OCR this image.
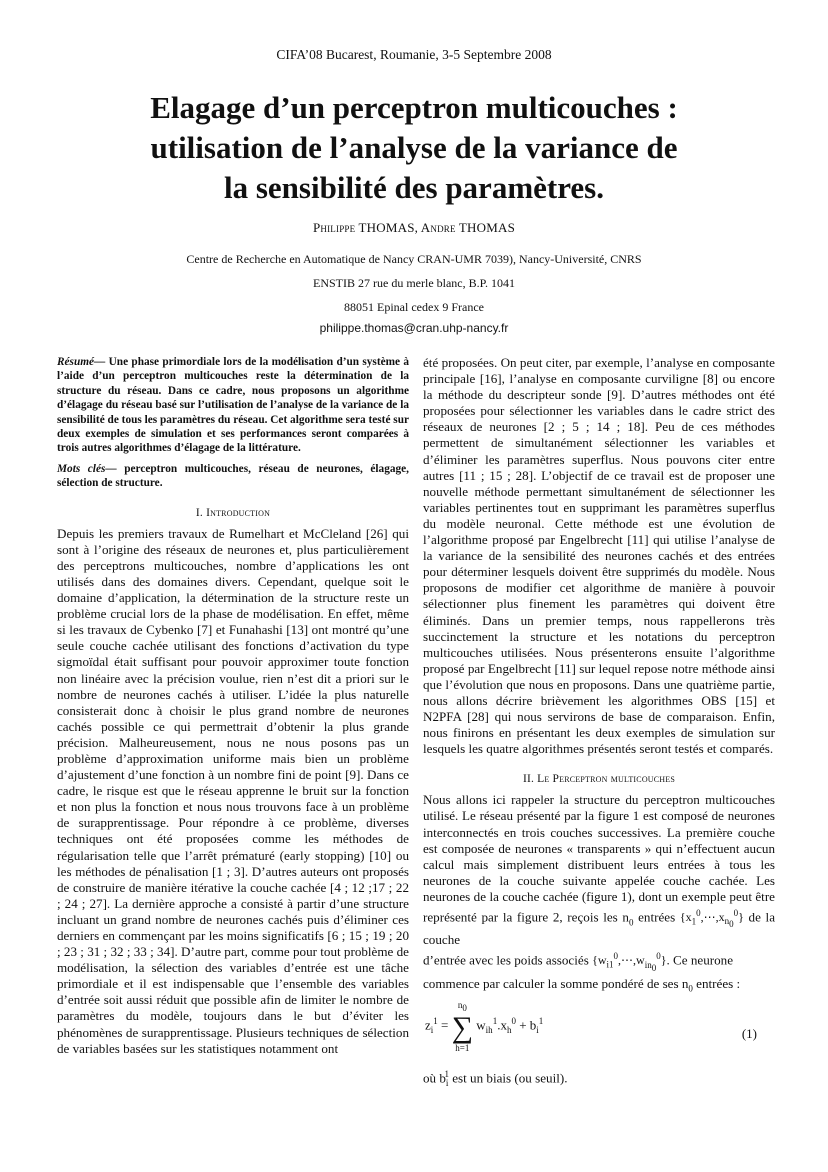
CIFA’08 Bucarest, Roumanie, 3-5 Septembre 2008
Elagage d’un perceptron multicouches :
utilisation de l’analyse de la variance de
la sensibilité des paramètres.
Philippe THOMAS, Andre THOMAS
Centre de Recherche en Automatique de Nancy CRAN-UMR 7039), Nancy-Université, CNRS
ENSTIB 27 rue du merle blanc, B.P. 1041
88051 Epinal cedex 9 France
philippe.thomas@cran.uhp-nancy.fr

Résumé— Une phase primordiale lors de la modélisation d’un système à l’aide d’un perceptron multicouches reste la détermination de la structure du réseau. Dans ce cadre, nous proposons un algorithme d’élagage du réseau basé sur l’utilisation de l’analyse de la variance de la sensibilité de tous les paramètres du réseau. Cet algorithme sera testé sur deux exemples de simulation et ses performances seront comparées à trois autres algorithmes d’élagage de la littérature.

Mots clés— perceptron multicouches, réseau de neurones, élagage, sélection de structure.

I. Introduction

Depuis les premiers travaux de Rumelhart et McCleland [26] qui sont à l’origine des réseaux de neurones et, plus particulièrement des perceptrons multicouches, nombre d’applications les ont utilisés dans des domaines divers. Cependant, quelque soit le domaine d’application, la détermination de la structure reste un problème crucial lors de la phase de modélisation. En effet, même si les travaux de Cybenko [7] et Funahashi [13] ont montré qu’une seule couche cachée utilisant des fonctions d’activation du type sigmoïdal était suffisant pour pouvoir approximer toute fonction non linéaire avec la précision voulue, rien n’est dit a priori sur le nombre de neurones cachés à utiliser. L’idée la plus naturelle consisterait donc à choisir le plus grand nombre de neurones cachés possible ce qui permettrait d’obtenir la plus grande précision. Malheureusement, nous ne nous posons pas un problème d’approximation uniforme mais bien un problème d’ajustement d’une fonction à un nombre fini de point [9]. Dans ce cadre, le risque est que le réseau apprenne le bruit sur la fonction et non plus la fonction et nous nous trouvons face à un problème de surapprentissage. Pour répondre à ce problème, diverses techniques ont été proposées comme les méthodes de régularisation telle que l’arrêt prématuré (early stopping) [10] ou les méthodes de pénalisation [1 ; 3]. D’autres auteurs ont proposés de construire de manière itérative la couche cachée [4 ; 12 ;17 ; 22 ; 24 ; 27]. La dernière approche a consisté à partir d’une structure incluant un grand nombre de neurones cachés puis d’éliminer ces derniers en commençant par les moins significatifs [6 ; 15 ; 19 ; 20 ; 23 ; 31 ; 32 ; 33 ; 34]. D’autre part, comme pour tout problème de modélisation, la sélection des variables d’entrée est une tâche primordiale et il est indispensable que l’ensemble des variables d’entrée soit aussi réduit que possible afin de limiter le nombre de paramètres du modèle, toujours dans le but d’éviter les phénomènes de surapprentissage. Plusieurs techniques de sélection de variables basées sur les statistiques notamment ont

été proposées. On peut citer, par exemple, l’analyse en composante principale [16], l’analyse en composante curviligne [8] ou encore la méthode du descripteur sonde [9]. D’autres méthodes ont été proposées pour sélectionner les variables dans le cadre strict des réseaux de neurones [2 ; 5 ; 14 ; 18]. Peu de ces méthodes permettent de simultanément sélectionner les variables et d’éliminer les paramètres superflus. Nous pouvons citer entre autres [11 ; 15 ; 28]. L’objectif de ce travail est de proposer une nouvelle méthode permettant simultanément de sélectionner les variables pertinentes tout en supprimant les paramètres superflus du modèle neuronal. Cette méthode est une évolution de l’algorithme proposé par Engelbrecht [11] qui utilise l’analyse de la variance de la sensibilité des neurones cachés et des entrées pour déterminer lesquels doivent être supprimés du modèle. Nous proposons de modifier cet algorithme de manière à pouvoir sélectionner plus finement les paramètres qui doivent être éliminés. Dans un premier temps, nous rappellerons très succinctement la structure et les notations du perceptron multicouches utilisées. Nous présenterons ensuite l’algorithme proposé par Engelbrecht [11] sur lequel repose notre méthode ainsi que l’évolution que nous en proposons. Dans une quatrième partie, nous allons décrire brièvement les algorithmes OBS [15] et N2PFA [28] qui nous servirons de base de comparaison. Enfin, nous finirons en présentant les deux exemples de simulation sur lesquels les quatre algorithmes présentés seront testés et comparés.

II. Le Perceptron multicouches

Nous allons ici rappeler la structure du perceptron multicouches utilisé. Le réseau présenté par la figure 1 est composé de neurones interconnectés en trois couches successives. La première couche est composée de neurones « transparents » qui n’effectuent aucun calcul mais simplement distribuent leurs entrées à tous les neurones de la couche suivante appelée couche cachée. Les neurones de la couche cachée (figure 1), dont un exemple peut être représenté par la figure 2, reçois les $n_0$ entrées $\{x_1^0,\cdots,x_{n_0}^0\}$ de la couche
d’entrée avec les poids associés $\{w_{i1}^0,\cdots,w_{in_0}^0\}$. Ce neurone
commence par calculer la somme pondéré de ses $n_0$ entrées :

$z_i^1$ =
$n_0$
∑
h=1
$w_{ih}^1.x_h^0 + b_i^1$
(1)

où $b_i^1$ est un biais (ou seuil).
